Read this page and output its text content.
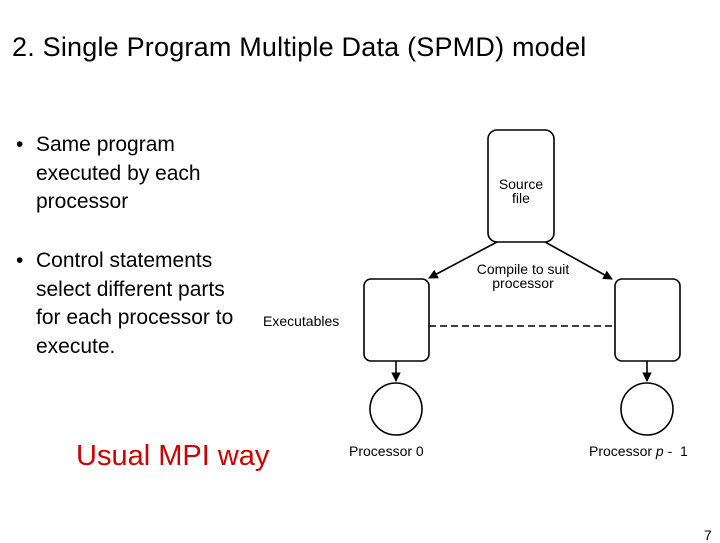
2. Single Program Multiple Data (SPMD) model
• Same program executed by each processor
• Control statements select different parts for each processor to execute.
Usual MPI way
Source
file
Compile to suit
processor
Executables
Processor 0	Processor p -  1
7
